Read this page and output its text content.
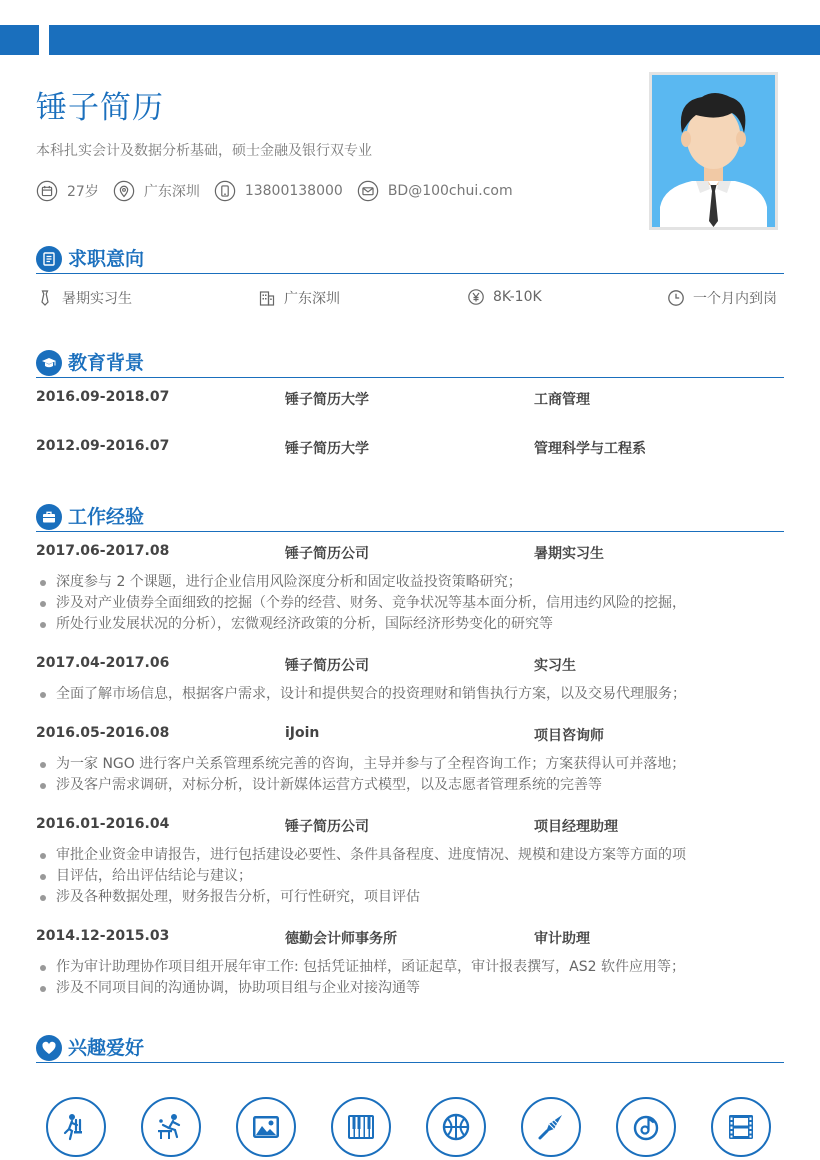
锤子简历
本科扎实会计及数据分析基础，硕士金融及银行双专业
27岁	广东深圳	13800138000	BD@100chui.com
求职意向
暑期实习生	广东深圳	8K-10K	一个月内到岗
教育背景
2016.09-2018.07	锤子简历大学	工商管理
2012.09-2016.07	锤子简历大学	管理科学与工程系
工作经验
2017.06-2017.08	锤子简历公司	暑期实习生
深度参与 2 个课题，进行企业信用风险深度分析和固定收益投资策略研究；
涉及对产业债券全面细致的挖掘（个券的经营、财务、竞争状况等基本面分析，信用违约风险的挖掘，
所处行业发展状况的分析），宏微观经济政策的分析，国际经济形势变化的研究等
2017.04-2017.06	锤子简历公司	实习生
全面了解市场信息，根据客户需求，设计和提供契合的投资理财和销售执行方案，以及交易代理服务；
2016.05-2016.08	iJoin	项目咨询师
为一家 NGO 进行客户关系管理系统完善的咨询，主导并参与了全程咨询工作；方案获得认可并落地；
涉及客户需求调研，对标分析，设计新媒体运营方式模型，以及志愿者管理系统的完善等
2016.01-2016.04	锤子简历公司	项目经理助理
审批企业资金申请报告，进行包括建设必要性、条件具备程度、进度情况、规模和建设方案等方面的项
目评估，给出评估结论与建议；
涉及各种数据处理，财务报告分析，可行性研究，项目评估
2014.12-2015.03	德勤会计师事务所	审计助理
作为审计助理协作项目组开展年审工作: 包括凭证抽样，函证起草，审计报表撰写，AS2 软件应用等；
涉及不同项目间的沟通协调，协助项目组与企业对接沟通等
兴趣爱好
